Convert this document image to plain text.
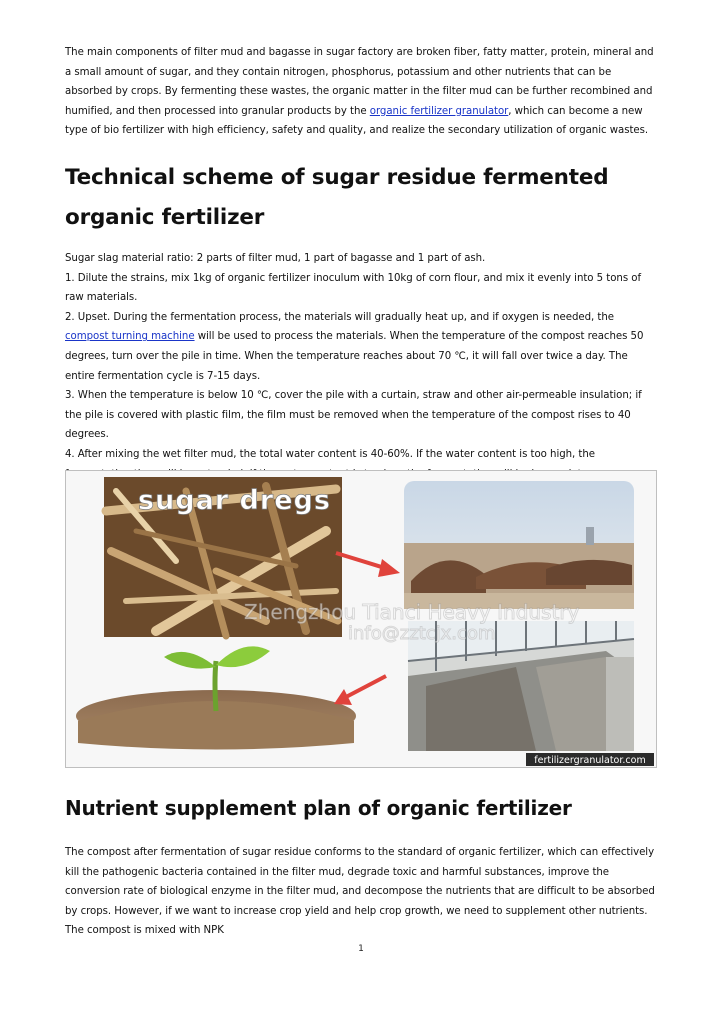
The main components of filter mud and bagasse in sugar factory are broken fiber, fatty matter, protein, mineral and a small amount of sugar, and they contain nitrogen, phosphorus, potassium and other nutrients that can be absorbed by crops. By fermenting these wastes, the organic matter in the filter mud can be further recombined and humified, and then processed into granular products by the organic fertilizer granulator, which can become a new type of bio fertilizer with high efficiency, safety and quality, and realize the secondary utilization of organic wastes.

Technical scheme of sugar residue fermented organic fertilizer

Sugar slag material ratio: 2 parts of filter mud, 1 part of bagasse and 1 part of ash.

1. Dilute the strains, mix 1kg of organic fertilizer inoculum with 10kg of corn flour, and mix it evenly into 5 tons of raw materials.

2. Upset. During the fermentation process, the materials will gradually heat up, and if oxygen is needed, the compost turning machine will be used to process the materials. When the temperature of the compost reaches 50 degrees, turn over the pile in time. When the temperature reaches about 70 ℃, it will fall over twice a day. The entire fermentation cycle is 7-15 days.

3. When the temperature is below 10 ℃, cover the pile with a curtain, straw and other air-permeable insulation; if the pile is covered with plastic film, the film must be removed when the temperature of the compost rises to 40 degrees.

4. After mixing the wet filter mud, the total water content is 40-60%. If the water content is too high, the

sugar dregs
Zhengzhou Tianci Heavy Industry
info@zztcjx.com
fertilizergranulator.com
Nutrient supplement plan of organic fertilizer

The compost after fermentation of sugar residue conforms to the standard of organic fertilizer, which can effectively kill the pathogenic bacteria contained in the filter mud, degrade toxic and harmful substances, improve the conversion rate of biological enzyme in the filter mud, and decompose the nutrients that are difficult to be absorbed by crops. However, if we want to increase crop yield and help crop growth, we need to supplement other nutrients. The compost is mixed with NPK

1
